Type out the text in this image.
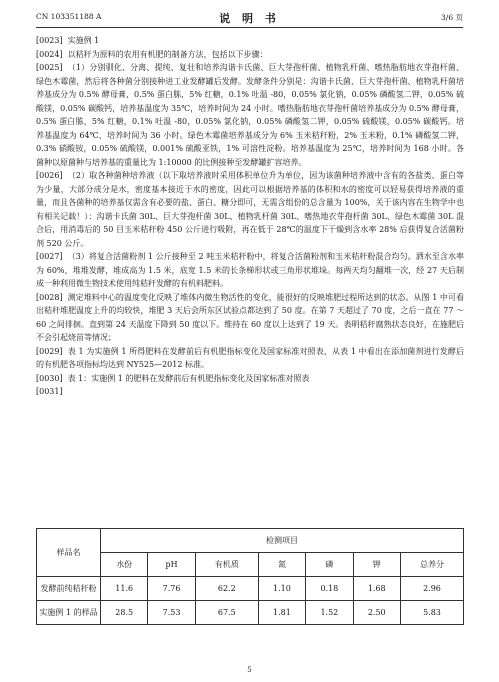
CN 103351188 A	说 明 书	3/6 页

[0023] 实施例 1

[0024] 以秸秆为原料的农用有机肥的制备方法，包括以下步骤：

[0025] （1）分别驯化、分离、提纯、复壮和培养沟谐卡氏菌、巨大芽孢杆菌、植物乳杆菌、嗜热脂肪地衣芽孢杆菌、绿色木霉菌，然后将各种菌分别接种进工业发酵罐后发酵。发酵条件分别是：沟谐卡氏菌、巨大芽孢杆菌、植物乳杆菌培养基成分为 0.5% 酵母膏，0.5% 蛋白胨，5% 红糖，0.1% 吐温 -80，0.05% 氯化钠，0.05% 磷酸氢二钾，0.05% 硫酸镁，0.05% 碳酸钙，培养基温度为 35℃，培养时间为 24 小时。嗜热脂肪地衣芽孢杆菌培养基成分为 0.5% 酵母膏，0.5% 蛋白胨，5% 红糖，0.1% 吐温 -80，0.05% 氯化钠，0.05% 磷酸氢二钾，0.05% 硫酸镁，0.05% 碳酸钙。培养基温度为 64℃，培养时间为 36 小时。绿色木霉菌培养基成分为 6% 玉米秸秆粉，2% 玉米粉，0.1% 磷酸氢二钾，0.3% 硝酸铵，0.05% 硫酸镁，0.001% 硫酸亚铁，1% 可溶性淀粉。培养基温度为 25℃，培养时间为 168 小时。各菌种以原菌种与培养基的重量比为 1:10000 的比例接种至发酵罐扩容培养。

[0026] （2）取各种菌种培养液（以下取培养液时采用体积单位升为单位，因为该菌种培养液中含有的各盐类、蛋白等为少量，大部分成分是水，密度基本接近于水的密度，因此可以根据培养基的体积和水的密度可以轻易获得培养液的重量，而且各菌种的培养基仅需含有必要的盐、蛋白、糖分即可，无需含组份的总含量为 100%，关于该内容在生物学中也有相关记载！）：沟谐卡氏菌 30L、巨大芽孢杆菌 30L、植物乳杆菌 30L、嗜热地衣芽孢杆菌 30L、绿色木霉菌 30L 混合后，用消毒后的 50 目玉米秸秆粉 450 公斤进行吸附，再在低于 28℃的温度下干燥到含水率 28% 后获得复合活菌粉剂 520 公斤。

[0027] （3）将复合活菌粉剂 1 公斤接种至 2 吨玉米秸秆粉中，将复合活菌粉剂和玉米秸秆粉混合均匀。洒水至含水率为 60%，堆堆发酵，堆成高为 1.5 米，底宽 1.5 米的长条梯形状或三角形状堆垛。每两天均匀翻堆一次，经 27 天后制成一种利用微生物技术使用纯秸秆发酵的有机料肥料。

[0028] 测定堆料中心的温度变化反映了堆体内微生物活性的变化，能很好的反映堆肥过程所达到的状态。从图 1 中可看出秸秆堆肥温度上升的均较快，堆肥 3 天后会所东区试验点都达到了 50 度。在第 7 天超过了 70 度，之后一直在 77 ～ 60 之间徘徊。直到第 24 天温度下降到 50 度以下。维持在 60 度以上达到了 19 天。表明秸秆腐熟状态良好，在施肥后不会引起烧苗等情况；

[0029] 表 1 为实施例 1 所得肥料在发酵前后有机肥指标变化及国家标准对照表，从表 1 中看出在添加菌剂进行发酵后的有机肥各项指标均达到 NY525—2012 标准。

[0030] 表 1：实施例 1 的肥料在发酵前后有机肥指标变化及国家标准对照表

[0031]

样品名	检测项目						
	水份	pH	有机质	氮	磷	钾	总养分
发酵前纯秸秆粉	11.6	7.76	62.2	1.10	0.18	1.68	2.96
实施例 1 的样品	28.5	7.53	67.5	1.81	1.52	2.50	5.83
5
